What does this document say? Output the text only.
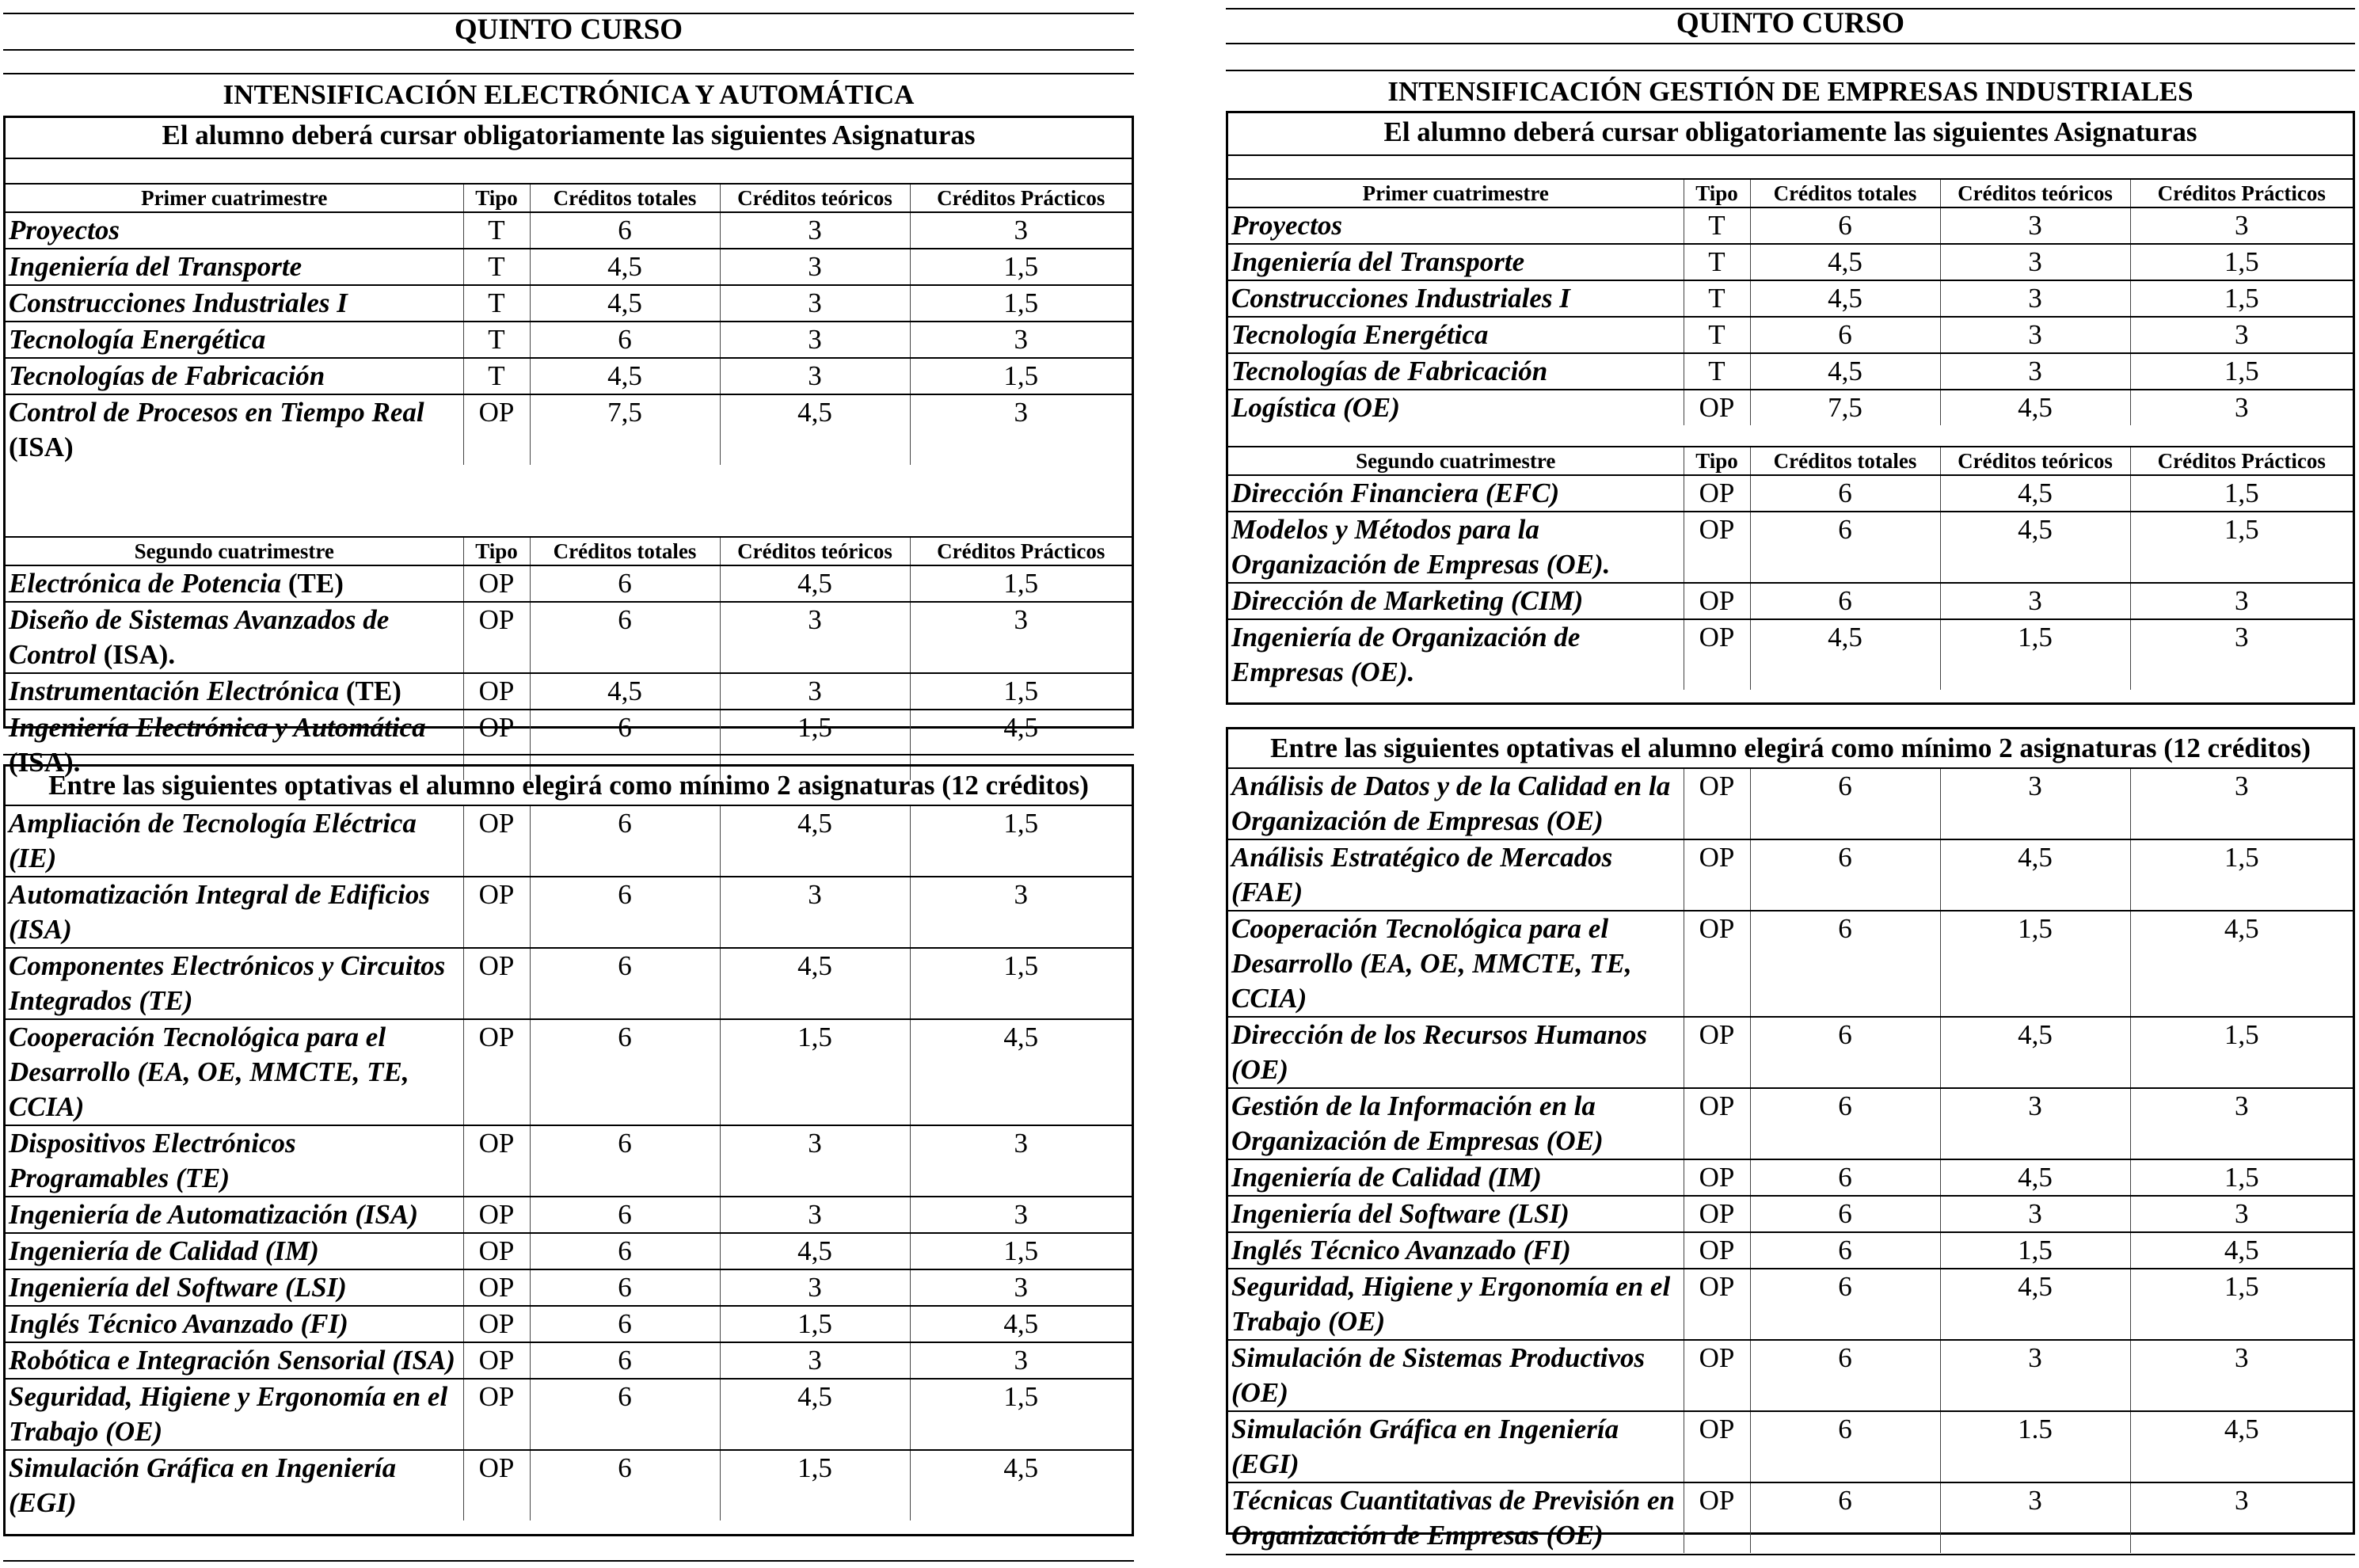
QUINTO CURSO
INTENSIFICACIÓN ELECTRÓNICA Y AUTOMÁTICA
El alumno deberá cursar obligatoriamente las siguientes Asignaturas
Primer cuatrimestre	Tipo	Créditos totales	Créditos teóricos	Créditos Prácticos
Proyectos	T	6	3	3
Ingeniería del Transporte	T	4,5	3	1,5
Construcciones Industriales I	T	4,5	3	1,5
Tecnología Energética	T	6	3	3
Tecnologías de Fabricación	T	4,5	3	1,5
Control de Procesos en Tiempo Real (ISA)	OP	7,5	4,5	3
Segundo cuatrimestre	Tipo	Créditos totales	Créditos teóricos	Créditos Prácticos
Electrónica de Potencia (TE)	OP	6	4,5	1,5
Diseño de Sistemas Avanzados de Control (ISA).	OP	6	3	3
Instrumentación Electrónica (TE)	OP	4,5	3	1,5
Ingeniería Electrónica y Automática (ISA).	OP	6	1,5	4,5
Entre las siguientes optativas el alumno elegirá como mínimo 2 asignaturas (12 créditos)
Ampliación de Tecnología Eléctrica (IE)	OP	6	4,5	1,5
Automatización Integral de Edificios (ISA)	OP	6	3	3
Componentes Electrónicos y Circuitos Integrados (TE)	OP	6	4,5	1,5
Cooperación Tecnológica para el Desarrollo (EA, OE, MMCTE, TE, CCIA)	OP	6	1,5	4,5
Dispositivos Electrónicos Programables (TE)	OP	6	3	3
Ingeniería de Automatización (ISA)	OP	6	3	3
Ingeniería de Calidad (IM)	OP	6	4,5	1,5
Ingeniería del Software (LSI)	OP	6	3	3
Inglés Técnico Avanzado (FI)	OP	6	1,5	4,5
Robótica e Integración Sensorial (ISA)	OP	6	3	3
Seguridad, Higiene y Ergonomía en el Trabajo (OE)	OP	6	4,5	1,5
Simulación Gráfica en Ingeniería (EGI)	OP	6	1,5	4,5
QUINTO CURSO
INTENSIFICACIÓN GESTIÓN DE EMPRESAS INDUSTRIALES
El alumno deberá cursar obligatoriamente las siguientes Asignaturas
Primer cuatrimestre	Tipo	Créditos totales	Créditos teóricos	Créditos Prácticos
Proyectos	T	6	3	3
Ingeniería del Transporte	T	4,5	3	1,5
Construcciones Industriales I	T	4,5	3	1,5
Tecnología Energética	T	6	3	3
Tecnologías de Fabricación	T	4,5	3	1,5
Logística (OE)	OP	7,5	4,5	3
Segundo cuatrimestre	Tipo	Créditos totales	Créditos teóricos	Créditos Prácticos
Dirección Financiera (EFC)	OP	6	4,5	1,5
Modelos y Métodos para la Organización de Empresas (OE).	OP	6	4,5	1,5
Dirección de Marketing (CIM)	OP	6	3	3
Ingeniería de Organización de Empresas (OE).	OP	4,5	1,5	3
Entre las siguientes optativas el alumno elegirá como mínimo 2 asignaturas (12 créditos)
Análisis de Datos y de la Calidad en la Organización de Empresas (OE)	OP	6	3	3
Análisis Estratégico de Mercados (FAE)	OP	6	4,5	1,5
Cooperación Tecnológica para el Desarrollo (EA, OE, MMCTE, TE, CCIA)	OP	6	1,5	4,5
Dirección de los Recursos Humanos (OE)	OP	6	4,5	1,5
Gestión de la Información en la Organización de Empresas (OE)	OP	6	3	3
Ingeniería de Calidad (IM)	OP	6	4,5	1,5
Ingeniería del Software (LSI)	OP	6	3	3
Inglés Técnico Avanzado (FI)	OP	6	1,5	4,5
Seguridad, Higiene y Ergonomía en el Trabajo (OE)	OP	6	4,5	1,5
Simulación de Sistemas Productivos (OE)	OP	6	3	3
Simulación Gráfica en Ingeniería (EGI)	OP	6	1.5	4,5
Técnicas Cuantitativas de Previsión en Organización de Empresas (OE)	OP	6	3	3
